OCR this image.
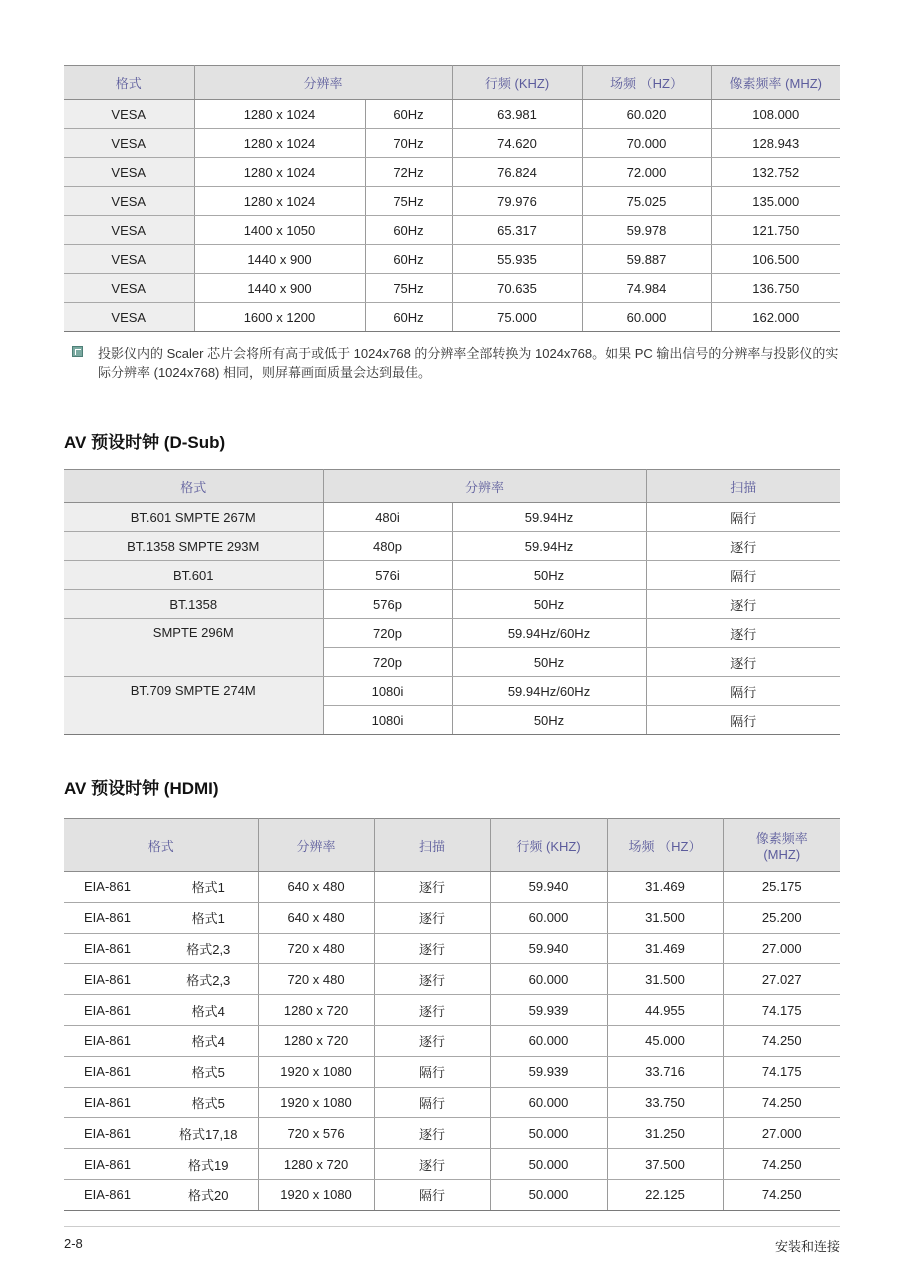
格式	分辨率		行频 (KHZ)	场频 （HZ）	像素频率 (MHZ)
VESA	1280 x 1024	60Hz	63.981	60.020	108.000
VESA	1280 x 1024	70Hz	74.620	70.000	128.943
VESA	1280 x 1024	72Hz	76.824	72.000	132.752
VESA	1280 x 1024	75Hz	79.976	75.025	135.000
VESA	1400 x 1050	60Hz	65.317	59.978	121.750
VESA	1440 x 900	60Hz	55.935	59.887	106.500
VESA	1440 x 900	75Hz	70.635	74.984	136.750
VESA	1600 x 1200	60Hz	75.000	60.000	162.000
投影仪内的 Scaler 芯片会将所有高于或低于 1024x768 的分辨率全部转换为 1024x768。如果 PC 输出信号的分辨率与投影仪的实际分辨率 (1024x768) 相同，则屏幕画面质量会达到最佳。
AV 预设时钟 (D-Sub)
格式	分辨率		扫描
BT.601 SMPTE 267M	480i	59.94Hz	隔行
BT.1358 SMPTE 293M	480p	59.94Hz	逐行
BT.601	576i	50Hz	隔行
BT.1358	576p	50Hz	逐行
SMPTE 296M	720p	59.94Hz/60Hz	逐行
	720p	50Hz	逐行
BT.709 SMPTE 274M	1080i	59.94Hz/60Hz	隔行
	1080i	50Hz	隔行
AV 预设时钟 (HDMI)
格式		分辨率	扫描	行频 (KHZ)	场频 （HZ）	像素频率 (MHZ)
EIA-861	格式1	640 x 480	逐行	59.940	31.469	25.175
EIA-861	格式1	640 x 480	逐行	60.000	31.500	25.200
EIA-861	格式2,3	720 x 480	逐行	59.940	31.469	27.000
EIA-861	格式2,3	720 x 480	逐行	60.000	31.500	27.027
EIA-861	格式4	1280 x 720	逐行	59.939	44.955	74.175
EIA-861	格式4	1280 x 720	逐行	60.000	45.000	74.250
EIA-861	格式5	1920 x 1080	隔行	59.939	33.716	74.175
EIA-861	格式5	1920 x 1080	隔行	60.000	33.750	74.250
EIA-861	格式17,18	720 x 576	逐行	50.000	31.250	27.000
EIA-861	格式19	1280 x 720	逐行	50.000	37.500	74.250
EIA-861	格式20	1920 x 1080	隔行	50.000	22.125	74.250
2-8	安装和连接
